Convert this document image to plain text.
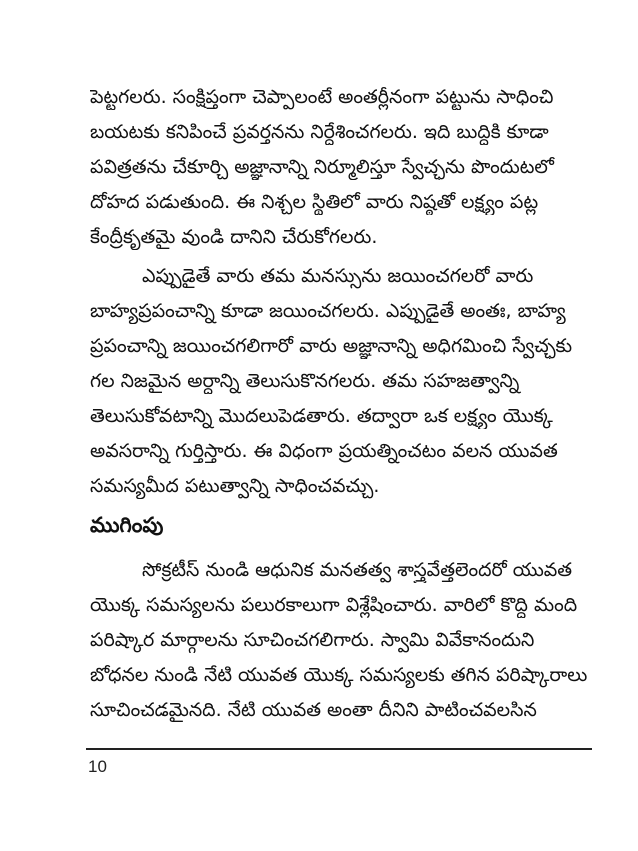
పెట్టగలరు. సంక్షిప్తంగా చెప్పాలంటే అంతర్లీనంగా పట్టును సాధించి
బయటకు కనిపించే ప్రవర్తనను నిర్దేశించగలరు. ఇది బుద్ధికి కూడా
పవిత్రతను చేకూర్చి అజ్ఞానాన్ని నిర్మూలిస్తూ స్వేచ్ఛను పొందుటలో
దోహద పడుతుంది. ఈ నిశ్చల స్థితిలో వారు నిష్ఠతో లక్ష్యం పట్ల
కేంద్రీకృతమై వుండి దానిని చేరుకోగలరు.
ఎప్పుడైతే వారు తమ మనస్సును జయించగలరో వారు
బాహ్యప్రపంచాన్ని కూడా జయించగలరు. ఎప్పుడైతే అంతః, బాహ్య
ప్రపంచాన్ని జయించగలిగారో వారు అజ్ఞానాన్ని అధిగమించి స్వేచ్ఛకు
గల నిజమైన అర్ధాన్ని తెలుసుకొనగలరు. తమ సహజత్వాన్ని
తెలుసుకోవటాన్ని మొదలుపెడతారు. తద్వారా ఒక లక్ష్యం యొక్క
అవసరాన్ని గుర్తిస్తారు. ఈ విధంగా ప్రయత్నించటం వలన యువత
సమస్యమీద పటుత్వాన్ని సాధించవచ్చు.
ముగింపు
సోక్రటీస్ నుండి ఆధునిక మనతత్వ శాస్త్రవేత్తలెందరో యువత
యొక్క సమస్యలను పలురకాలుగా విశ్లేషించారు. వారిలో కొద్ది మంది
పరిష్కార మార్గాలను సూచించగలిగారు. స్వామి వివేకానందుని
బోధనల నుండి నేటి యువత యొక్క సమస్యలకు తగిన పరిష్కారాలు
సూచించడమైనది. నేటి యువత అంతా దీనిని పాటించవలసిన
10
